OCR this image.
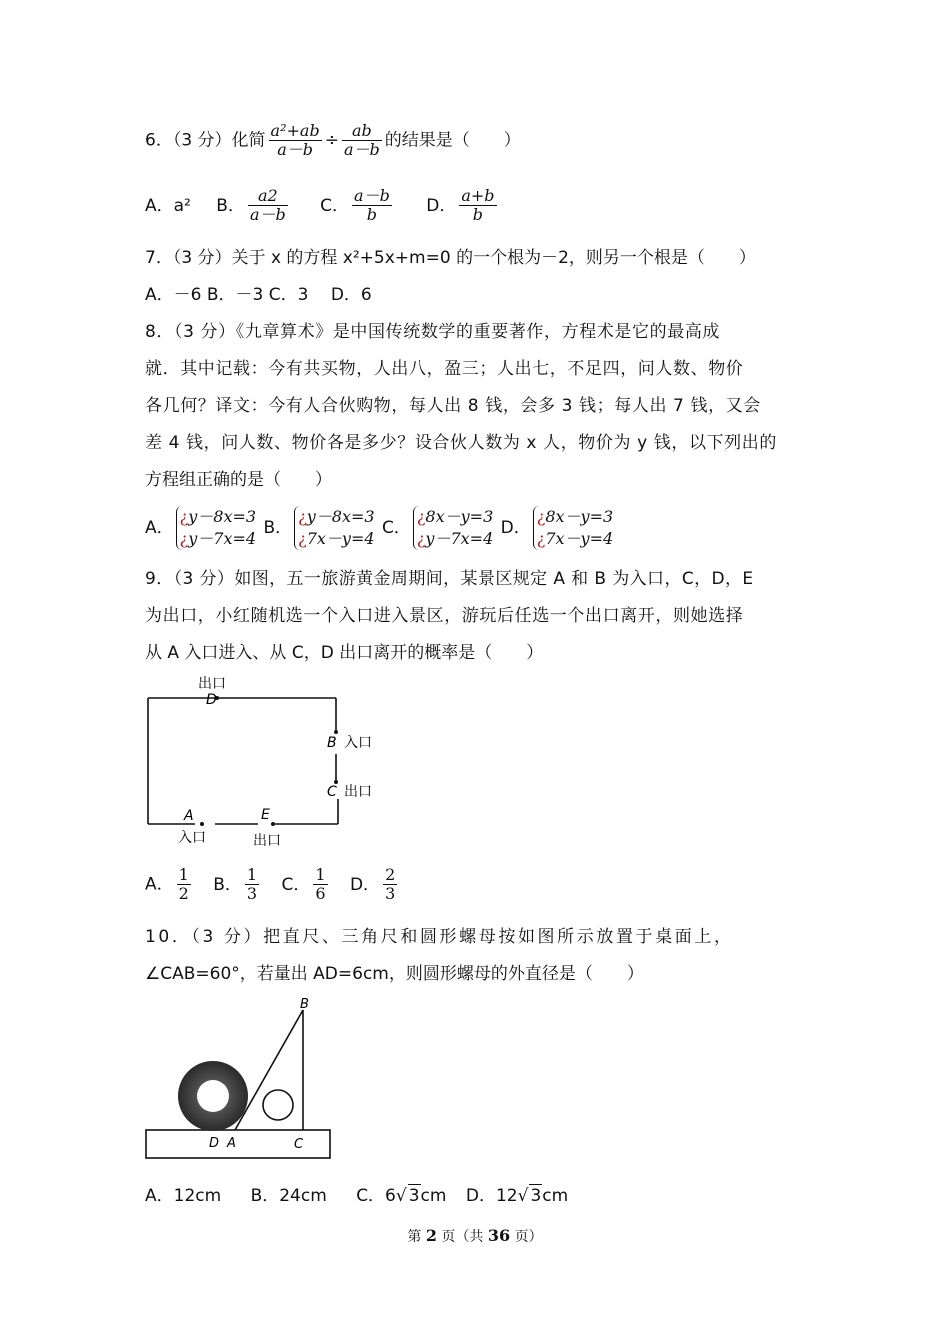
6．（3 分）化简 $\frac{\text{a²+ab}}{a-b} \div \frac{ab}{a-b}$ 的结果是（　　）
A．a² B． $\frac{a2}{a-b}$ C． $\frac{a-b}{b}$ D． $\frac{a+b}{b}$
7．（3 分）关于 x 的方程 x²+5x+m=0 的一个根为－2，则另一个根是（　　）
A．－6 B．－3 C．3　 D．6
8．（3 分）《九章算术》是中国传统数学的重要著作，方程术是它的最高成
就．其中记载：今有共买物，人出八，盈三；人出七，不足四，问人数、物价
各几何？译文：今有人合伙购物，每人出 8 钱，会多 3 钱；每人出 7 钱，又会
差 4 钱，问人数、物价各是多少？设合伙人数为 x 人，物价为 y 钱，以下列出的
方程组正确的是（　　）
A．
¿y－8x=3
¿y－7x=4
B．
¿y－8x=3
¿7x－y=4
C．
¿8x－y=3
¿y－7x=4
D．
¿8x－y=3
¿7x－y=4
9．（3 分）如图，五一旅游黄金周期间，某景区规定 A 和 B 为入口，C，D，E
为出口，小红随机选一个入口进入景区，游玩后任选一个出口离开，则她选择
从 A 入口进入、从 C，D 出口离开的概率是（　　）
出口
D
B 入口
C 出口
A
入口
E
出口
A． $\frac{1}{2}$ B． $\frac{1}{3}$ C． $\frac{1}{6}$ D． $\frac{2}{3}$
10．（3 分）把直尺、三角尺和圆形螺母按如图所示放置于桌面上，
∠CAB=60°，若量出 AD=6cm，则圆形螺母的外直径是（　　）
B
D A	C
A．12cm B．24cm C．6√ 3cm D．12√ 3cm
第 2 页（共 36 页）
